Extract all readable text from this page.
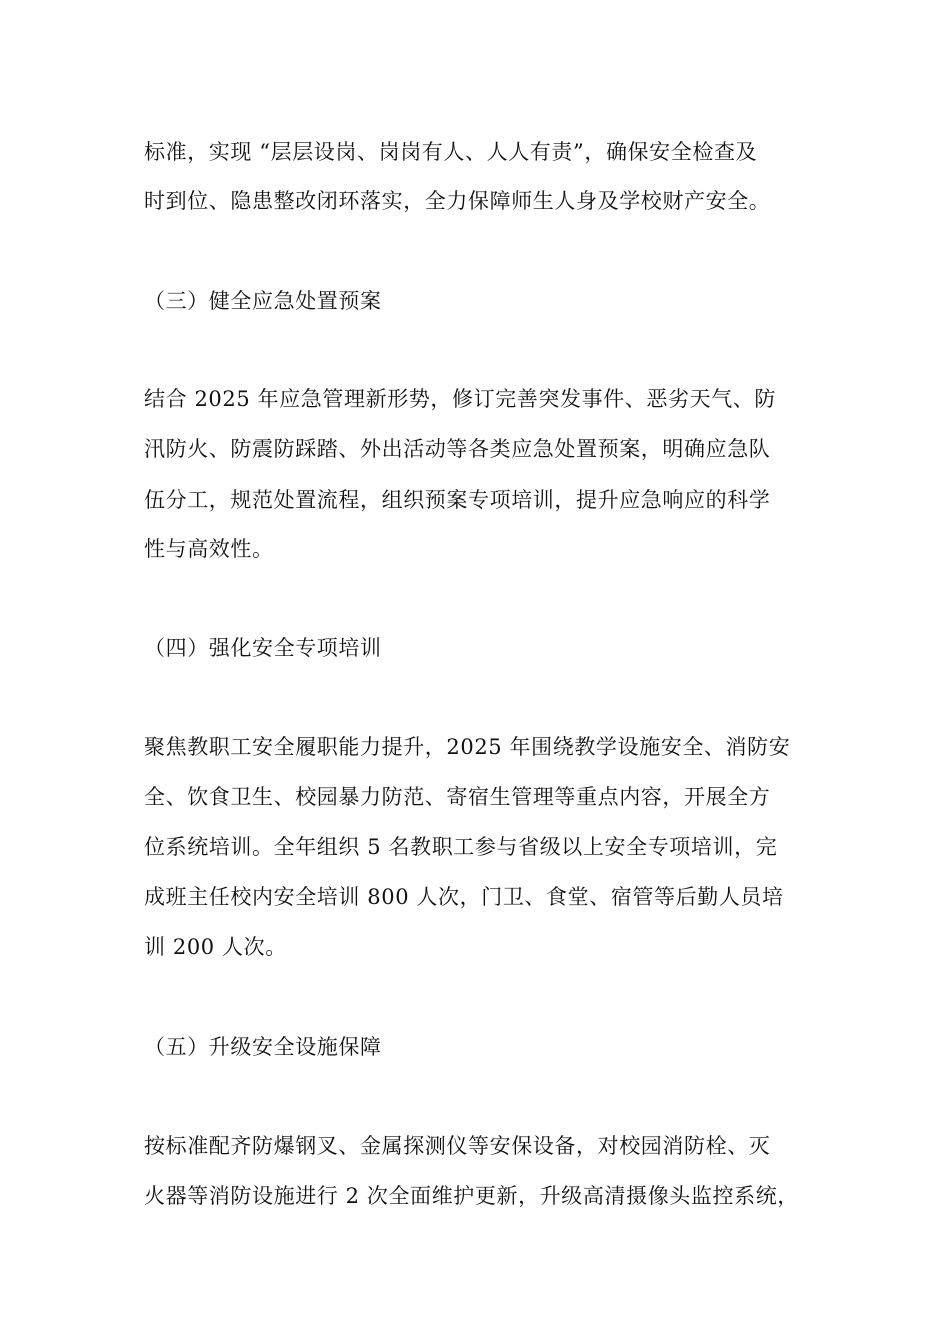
标准，实现 “层层设岗、岗岗有人、人人有责”，确保安全检查及
时到位、隐患整改闭环落实，全力保障师生人身及学校财产安全。
（三）健全应急处置预案
结合 2025 年应急管理新形势，修订完善突发事件、恶劣天气、防
汛防火、防震防踩踏、外出活动等各类应急处置预案，明确应急队
伍分工，规范处置流程，组织预案专项培训，提升应急响应的科学
性与高效性。
（四）强化安全专项培训
聚焦教职工安全履职能力提升，2025 年围绕教学设施安全、消防安
全、饮食卫生、校园暴力防范、寄宿生管理等重点内容，开展全方
位系统培训。全年组织 5 名教职工参与省级以上安全专项培训，完
成班主任校内安全培训 800 人次，门卫、食堂、宿管等后勤人员培
训 200 人次。
（五）升级安全设施保障
按标准配齐防爆钢叉、金属探测仪等安保设备，对校园消防栓、灭
火器等消防设施进行 2 次全面维护更新，升级高清摄像头监控系统，
